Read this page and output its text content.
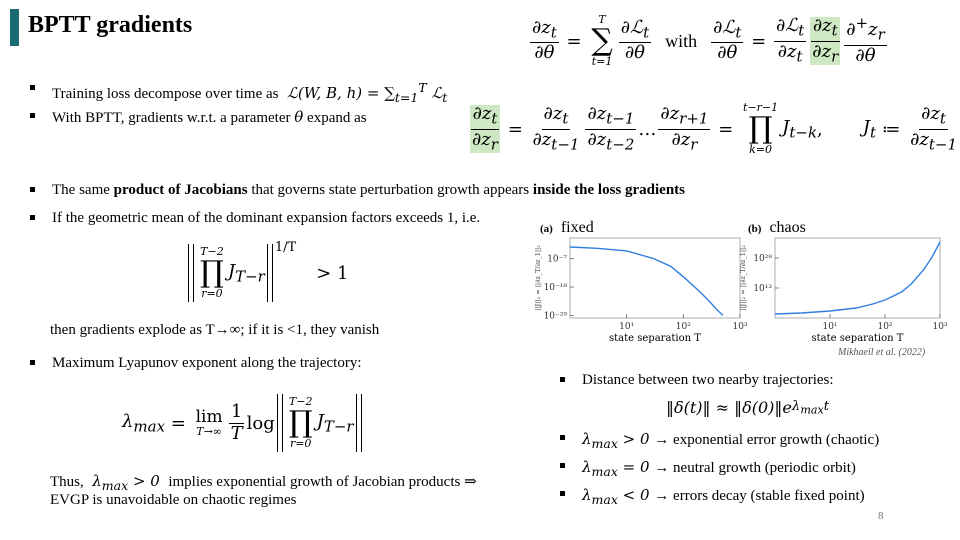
BPTT gradients	$\frac{\partial z_t}{\partial\theta}$ =
T
∑
$t=1 \frac{\partial ℒ_t}{\partial\theta}$ with $\frac{\partial ℒ_t}{\partial\theta} = \frac{\partial ℒ_t}{\partial z_t} \frac{\partial z_t}{\partial z_r} \frac{\partial^+z_r}{\partial\theta}$
Training loss decompose over time as  ℒ(W, B, $h) = \sum_{t=1}^T$ ℒ$_t$
With BPTT, gradients w.r.t. a parameter θ expand as	$\frac{\partial z_t}{\partial z_r} = \frac{\partial z_t}{\partial z_{t-1}} \frac{\partial z_{t-1}}{\partial z_{t-2}}$ … $\frac{\partial z_{r+1}}{\partial z_r}$ =
t−r−1
∏
k=0
$J_{t-k}$ , $J_t$ ≔ $\frac{\partial z_t}{\partial z_{t-1}}$
The same product of Jacobians that governs state perturbation growth appears inside the loss gradients
If the geometric mean of the dominant expansion factors exceeds 1, i.e.
T−2
∏
r=0
$J_{T-r}$
1/T
> 1
then gradients explode as T→∞; if it is <1, they vanish
Maximum Lyapunov exponent along the trajectory:
$\lambda_{max} = \lim$
$T\to\infty \frac{1}{T}$ log
T−2
∏
r=0
$J_{T-r}$
Thus,  $\lambda_{max} > 0$  implies exponential growth of Jacobian products ⇒
EVGP is unavoidable on chaotic regimes
(a) fixed	(b) chaos
10⁻⁷
10⁻¹⁸
10⁻²⁹
10¹	10²	10³
state separation T
||J||₂ = ||∂z_T/∂z_1||₂	10²⁸
10¹³
10¹	10²	10³
state separation T
||J||₂ = ||∂z_T/∂z_1||₂
Mikhaeil et al. (2022)
Distance between two nearby trajectories:
‖δ(t)‖ ≈ ‖δ(0)‖e $\lambda_{max}t$
$\lambda_{max} > 0$ → exponential error growth (chaotic)
$\lambda_{max} = 0$ → neutral growth (periodic orbit)
$\lambda_{max} < 0$ → errors decay (stable fixed point)
8
